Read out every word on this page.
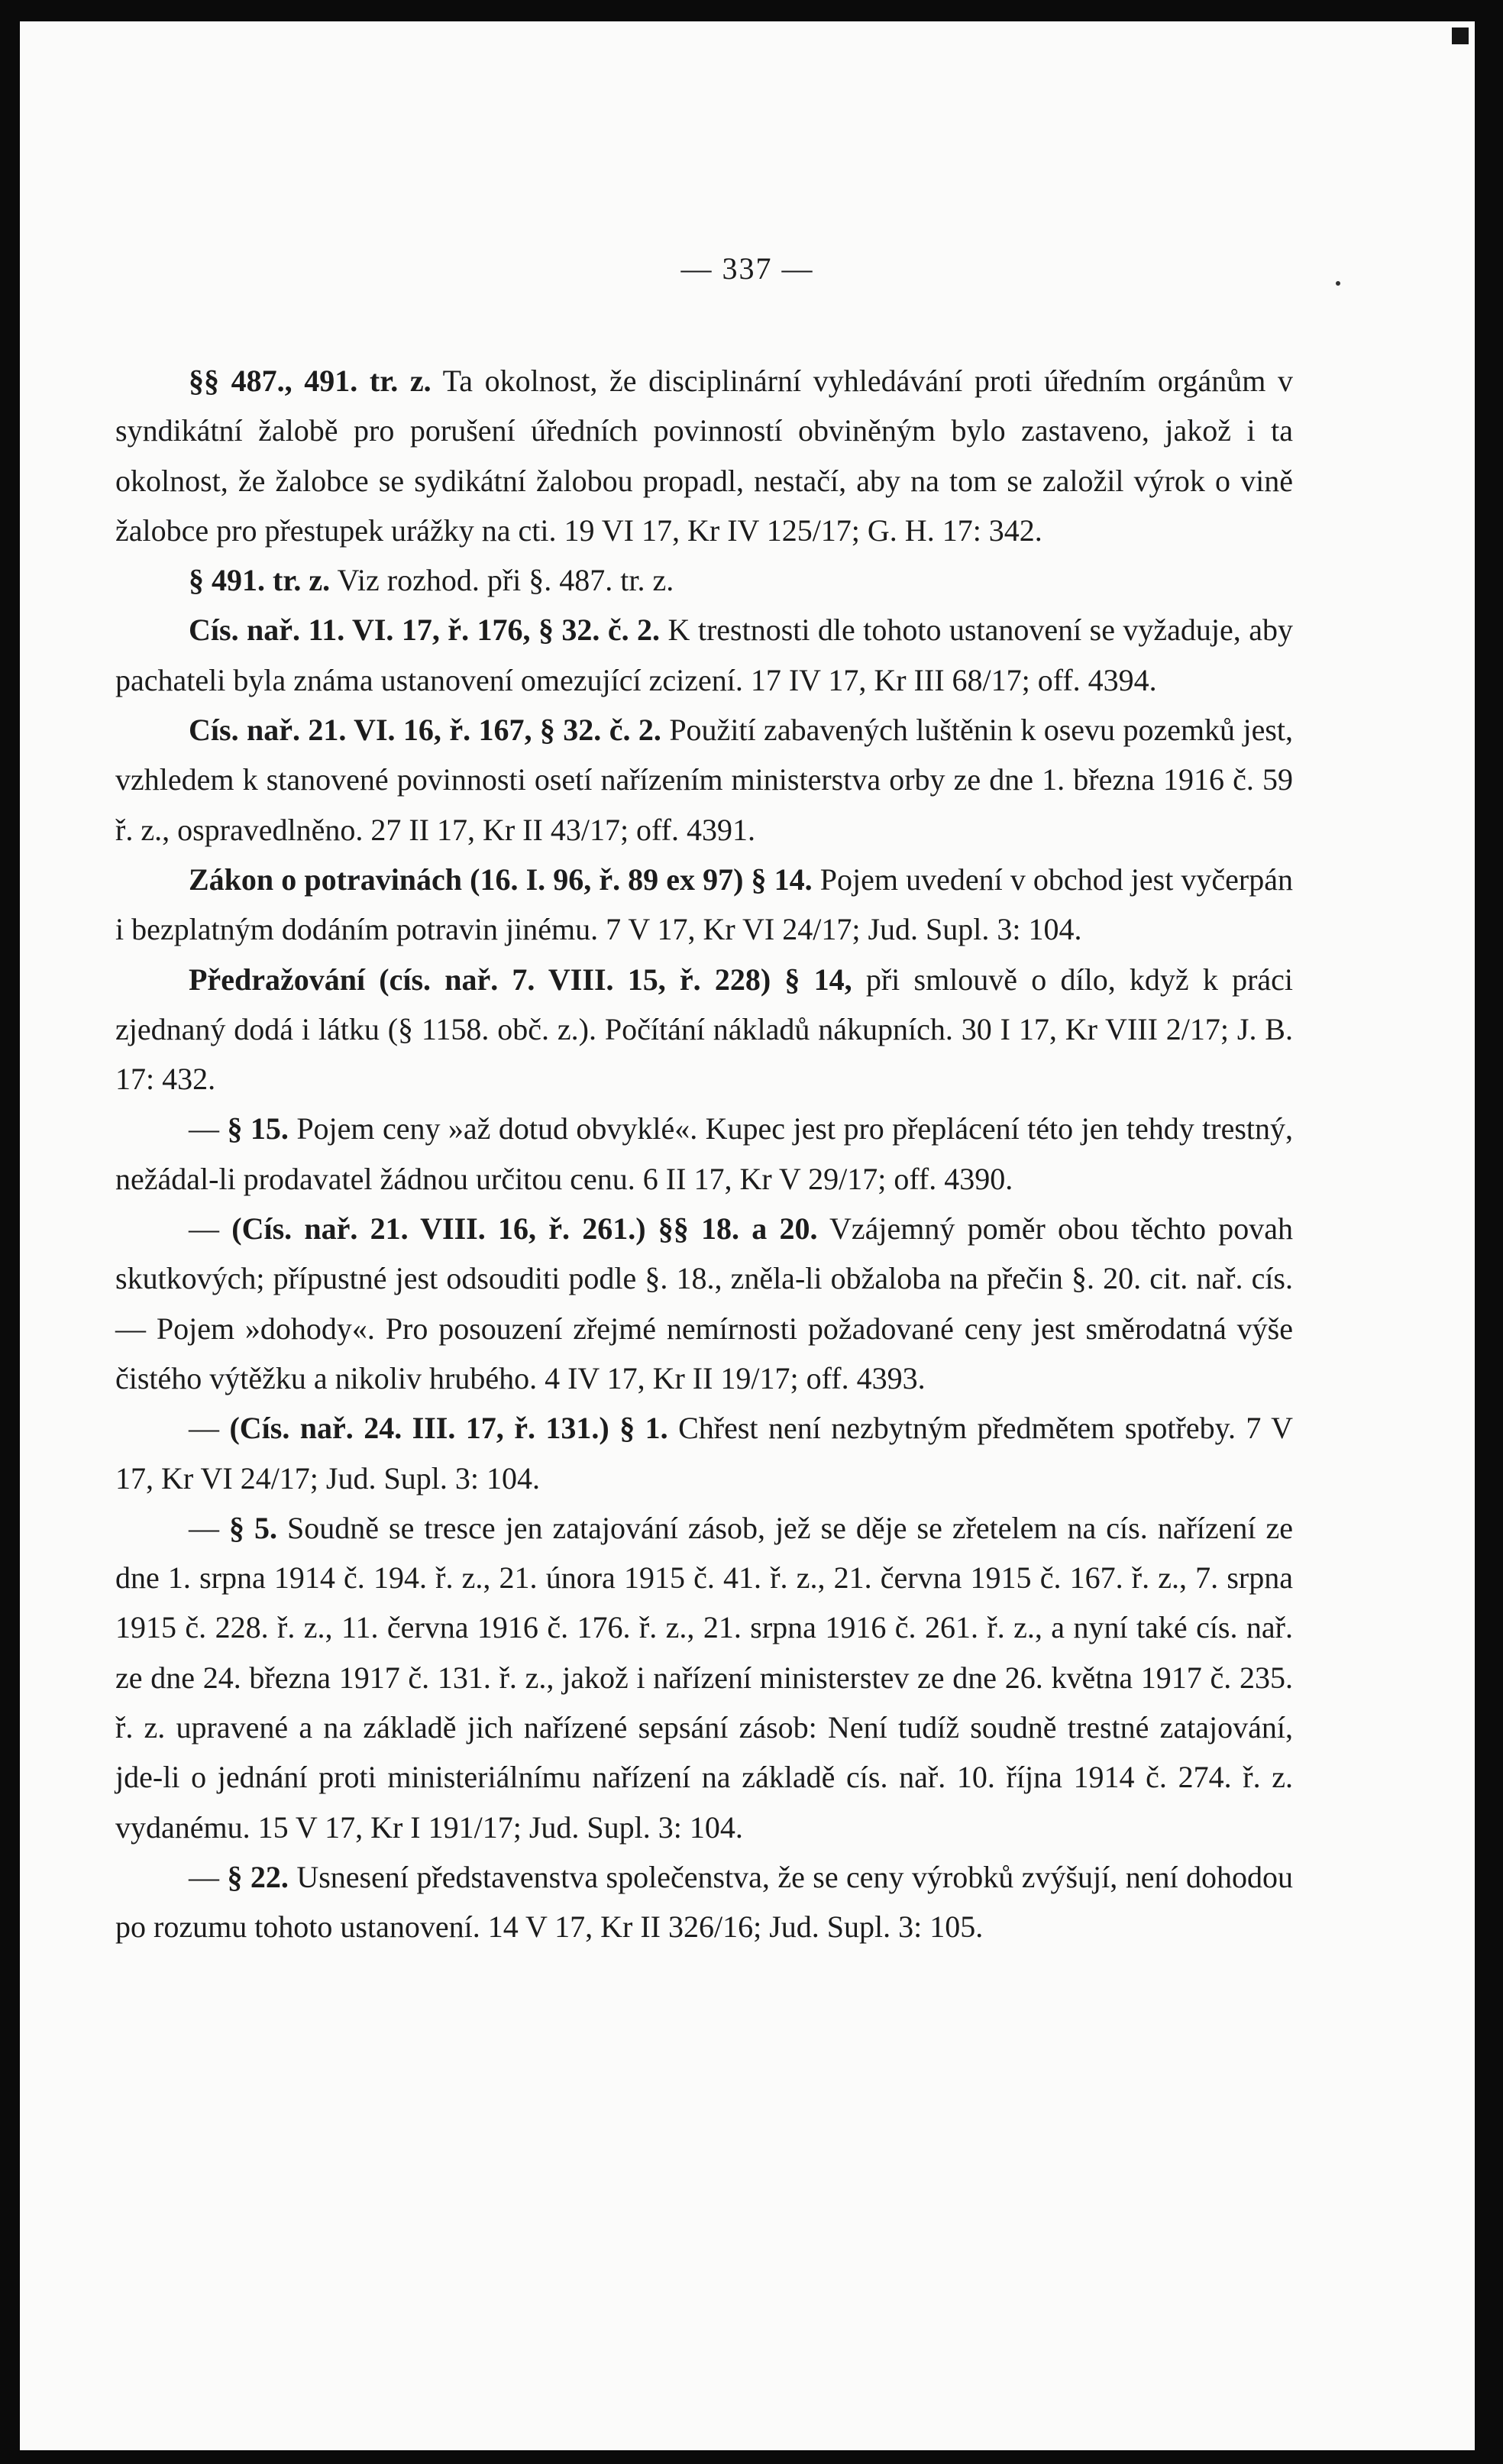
— 337 —

§§ 487., 491. tr. z. Ta okolnost, že disciplinární vyhledávání proti úředním orgánům v syndikátní žalobě pro porušení úředních povinností obviněným bylo zastaveno, jakož i ta okolnost, že žalobce se sydikátní žalobou propadl, nestačí, aby na tom se založil výrok o vině žalobce pro přestupek urážky na cti. 19 VI 17, Kr IV 125/17; G. H. 17: 342.

§ 491. tr. z. Viz rozhod. při §. 487. tr. z.

Cís. nař. 11. VI. 17, ř. 176, § 32. č. 2. K trestnosti dle tohoto ustanovení se vyžaduje, aby pachateli byla známa ustanovení omezující zcizení. 17 IV 17, Kr III 68/17; off. 4394.

Cís. nař. 21. VI. 16, ř. 167, § 32. č. 2. Použití zabavených luštěnin k osevu pozemků jest, vzhledem k stanovené povinnosti osetí nařízením ministerstva orby ze dne 1. března 1916 č. 59 ř. z., ospravedlněno. 27 II 17, Kr II 43/17; off. 4391.

Zákon o potravinách (16. I. 96, ř. 89 ex 97) § 14. Pojem uvedení v obchod jest vyčerpán i bezplatným dodáním potravin jinému. 7 V 17, Kr VI 24/17; Jud. Supl. 3: 104.

Předražování (cís. nař. 7. VIII. 15, ř. 228) § 14, při smlouvě o dílo, když k práci zjednaný dodá i látku (§ 1158. obč. z.). Počítání nákladů nákupních. 30 I 17, Kr VIII 2/17; J. B. 17: 432.

— § 15. Pojem ceny »až dotud obvyklé«. Kupec jest pro přeplácení této jen tehdy trestný, nežádal-li prodavatel žádnou určitou cenu. 6 II 17, Kr V 29/17; off. 4390.

— (Cís. nař. 21. VIII. 16, ř. 261.) §§ 18. a 20. Vzájemný poměr obou těchto povah skutkových; přípustné jest odsouditi podle §. 18., zněla-li obžaloba na přečin §. 20. cit. nař. cís. — Pojem »dohody«. Pro posouzení zřejmé nemírnosti požadované ceny jest směrodatná výše čistého výtěžku a nikoliv hrubého. 4 IV 17, Kr II 19/17; off. 4393.

— (Cís. nař. 24. III. 17, ř. 131.) § 1. Chřest není nezbytným předmětem spotřeby. 7 V 17, Kr VI 24/17; Jud. Supl. 3: 104.

— § 5. Soudně se tresce jen zatajování zásob, jež se děje se zřetelem na cís. nařízení ze dne 1. srpna 1914 č. 194. ř. z., 21. února 1915 č. 41. ř. z., 21. června 1915 č. 167. ř. z., 7. srpna 1915 č. 228. ř. z., 11. června 1916 č. 176. ř. z., 21. srpna 1916 č. 261. ř. z., a nyní také cís. nař. ze dne 24. března 1917 č. 131. ř. z., jakož i nařízení ministerstev ze dne 26. května 1917 č. 235. ř. z. upravené a na základě jich nařízené sepsání zásob: Není tudíž soudně trestné zatajování, jde-li o jednání proti ministeriálnímu nařízení na základě cís. nař. 10. října 1914 č. 274. ř. z. vydanému. 15 V 17, Kr I 191/17; Jud. Supl. 3: 104.

— § 22. Usnesení představenstva společenstva, že se ceny výrobků zvýšují, není dohodou po rozumu tohoto ustanovení. 14 V 17, Kr II 326/16; Jud. Supl. 3: 105.
